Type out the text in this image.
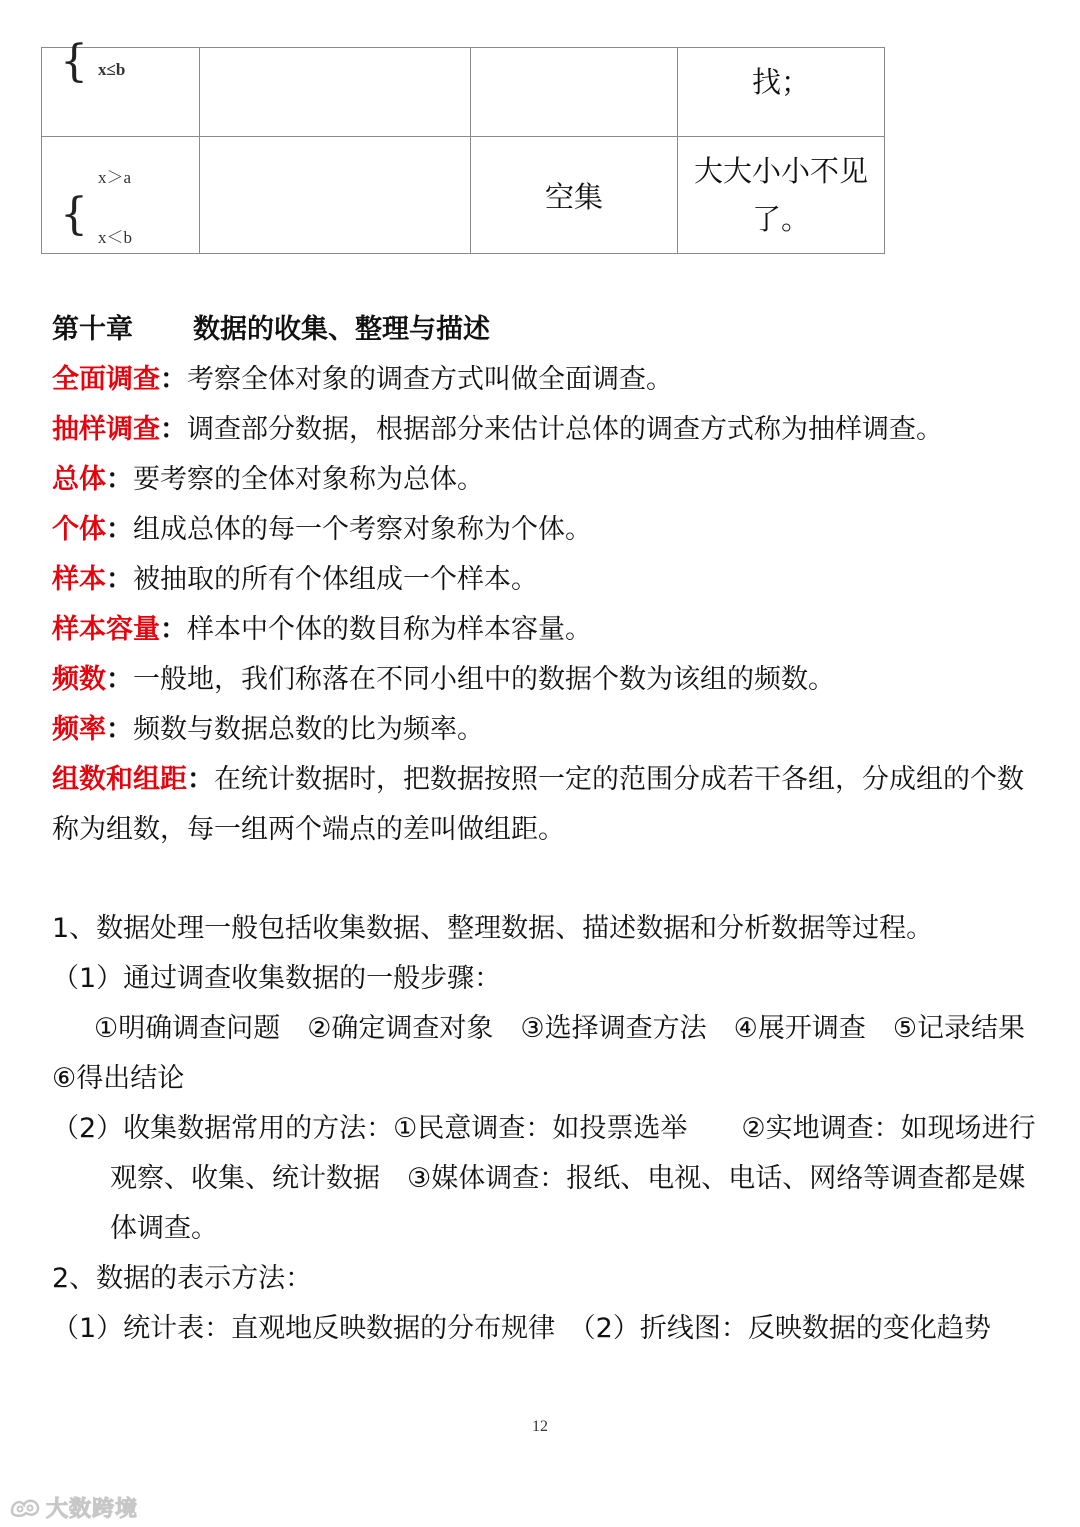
{ x≤b			找；

x＞a
{ x＜b		空集	大大小小不见了。
第十章 数据的收集、整理与描述

全面调查：考察全体对象的调查方式叫做全面调查。

抽样调查：调查部分数据，根据部分来估计总体的调查方式称为抽样调查。

总体：要考察的全体对象称为总体。

个体：组成总体的每一个考察对象称为个体。

样本：被抽取的所有个体组成一个样本。

样本容量：样本中个体的数目称为样本容量。

频数：一般地，我们称落在不同小组中的数据个数为该组的频数。

频率：频数与数据总数的比为频率。

组数和组距：在统计数据时，把数据按照一定的范围分成若干各组，分成组的个数称为组数，每一组两个端点的差叫做组距。

1、数据处理一般包括收集数据、整理数据、描述数据和分析数据等过程。

（1）通过调查收集数据的一般步骤：

①明确调查问题　②确定调查对象　③选择调查方法　④展开调查　⑤记录结果　⑥得出结论

（2）收集数据常用的方法：①民意调查：如投票选举　　②实地调查：如现场进行观察、收集、统计数据　③媒体调查：报纸、电视、电话、网络等调查都是媒体调查。

2、数据的表示方法：

（1）统计表：直观地反映数据的分布规律　（2）折线图：反映数据的变化趋势

12
大数跨境
